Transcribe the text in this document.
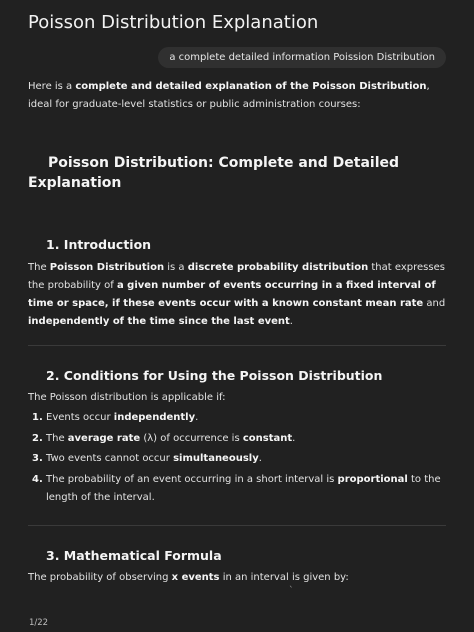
Poisson Distribution Explanation
a complete detailed information Poission Distribution

Here is a complete and detailed explanation of the Poisson Distribution, ideal for graduate-level statistics or public administration courses:

Poisson Distribution: Complete and Detailed Explanation
1. Introduction

The Poisson Distribution is a discrete probability distribution that expresses the probability of a given number of events occurring in a fixed interval of time or space, if these events occur with a known constant mean rate and independently of the time since the last event.

2. Conditions for Using the Poisson Distribution

The Poisson distribution is applicable if:

1. Events occur independently.
2. The average rate (λ) of occurrence is constant.
3. Two events cannot occur simultaneously.
4. The probability of an event occurring in a short interval is proportional to the length of the interval.
3. Mathematical Formula

The probability of observing x events in an interval is given by:

`
1/22
